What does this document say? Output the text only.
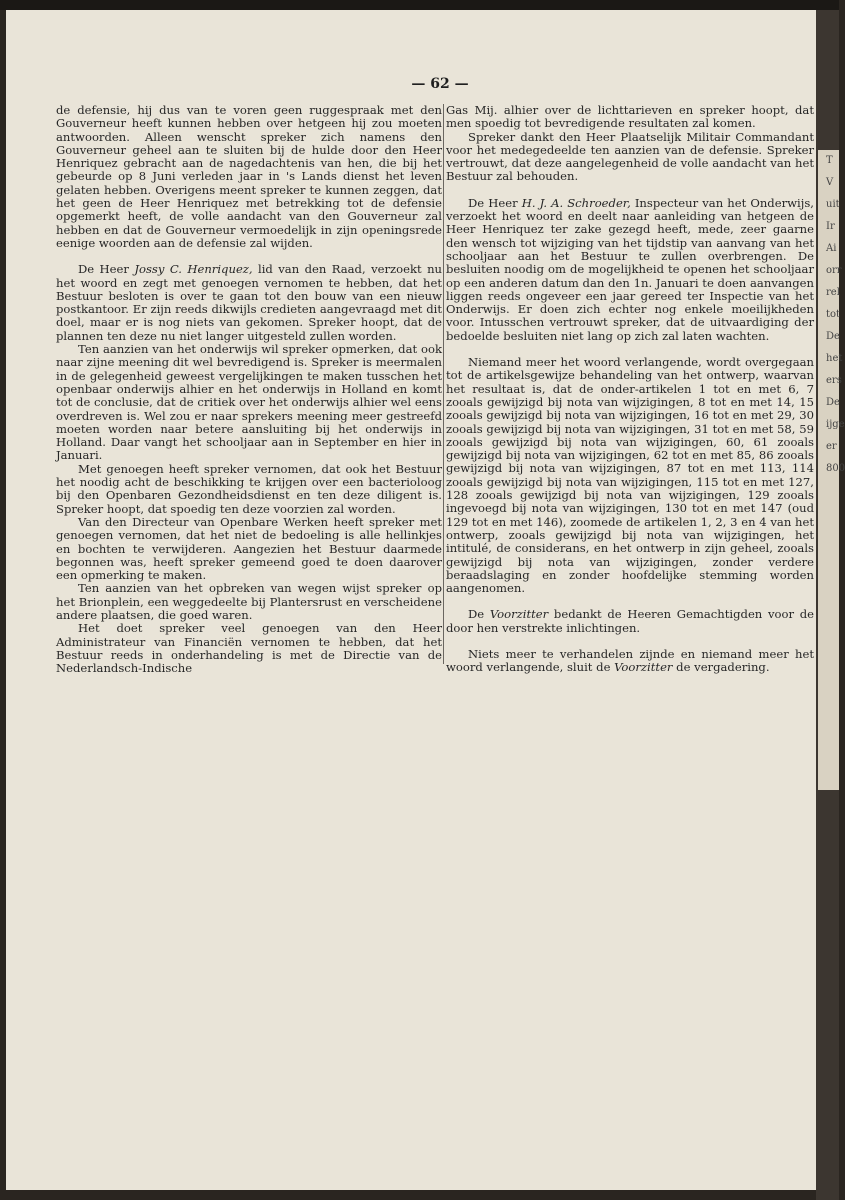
T
V
uit
Ir
Ai
orr
rel
tot
De
het
ers
De
ijge
er
800
— 62 —

de defensie, hij dus van te voren geen ruggespraak met den Gouverneur heeft kunnen hebben over hetgeen hij zou moeten antwoorden. Alleen wenscht spreker zich namens den Gouverneur geheel aan te sluiten bij de hulde door den Heer Henriquez gebracht aan de nagedachtenis van hen, die bij het gebeurde op 8 Juni verleden jaar in 's Lands dienst het leven gelaten hebben. Overigens meent spreker te kunnen zeggen, dat het geen de Heer Henriquez met betrekking tot de defensie opgemerkt heeft, de volle aandacht van den Gouverneur zal hebben en dat de Gouverneur vermoedelijk in zijn openingsrede eenige woorden aan de defensie zal wijden.

De Heer Jossy C. Henriquez, lid van den Raad, verzoekt nu het woord en zegt met genoegen vernomen te hebben, dat het Bestuur besloten is over te gaan tot den bouw van een nieuw postkantoor. Er zijn reeds dikwijls credieten aangevraagd met dit doel, maar er is nog niets van gekomen. Spreker hoopt, dat de plannen ten deze nu niet langer uitgesteld zullen worden.

Ten aanzien van het onderwijs wil spreker opmerken, dat ook naar zijne meening dit wel bevredigend is. Spreker is meermalen in de gelegenheid geweest vergelijkingen te maken tusschen het openbaar onderwijs alhier en het onderwijs in Holland en komt tot de conclusie, dat de critiek over het onderwijs alhier wel eens overdreven is. Wel zou er naar sprekers meening meer gestreefd moeten worden naar betere aansluiting bij het onderwijs in Holland. Daar vangt het schooljaar aan in September en hier in Januari.

Met genoegen heeft spreker vernomen, dat ook het Bestuur het noodig acht de beschikking te krijgen over een bacterioloog bij den Openbaren Gezondheidsdienst en ten deze diligent is. Spreker hoopt, dat spoedig ten deze voorzien zal worden.

Van den Directeur van Openbare Werken heeft spreker met genoegen vernomen, dat het niet de bedoeling is alle hellinkjes en bochten te verwijderen. Aangezien het Bestuur daarmede begonnen was, heeft spreker gemeend goed te doen daarover een opmerking te maken.

Ten aanzien van het opbreken van wegen wijst spreker op het Brionplein, een weggedeelte bij Plantersrust en verscheidene andere plaatsen, die goed waren.

Het doet spreker veel genoegen van den Heer Administrateur van Financiën vernomen te hebben, dat het Bestuur reeds in onderhandeling is met de Directie van de Nederlandsch-Indische

Gas Mij. alhier over de lichttarieven en spreker hoopt, dat men spoedig tot bevredigende resultaten zal komen.

Spreker dankt den Heer Plaatselijk Militair Commandant voor het medegedeelde ten aanzien van de defensie. Spreker vertrouwt, dat deze aangelegenheid de volle aandacht van het Bestuur zal behouden.

De Heer H. J. A. Schroeder, Inspecteur van het Onderwijs, verzoekt het woord en deelt naar aanleiding van hetgeen de Heer Henriquez ter zake gezegd heeft, mede, zeer gaarne den wensch tot wijziging van het tijdstip van aanvang van het schooljaar aan het Bestuur te zullen overbrengen. De besluiten noodig om de mogelijkheid te openen het schooljaar op een anderen datum dan den 1n. Januari te doen aanvangen liggen reeds ongeveer een jaar gereed ter Inspectie van het Onderwijs. Er doen zich echter nog enkele moeilijkheden voor. Intusschen vertrouwt spreker, dat de uitvaardiging der bedoelde besluiten niet lang op zich zal laten wachten.

Niemand meer het woord verlangende, wordt overgegaan tot de artikelsgewijze behandeling van het ontwerp, waarvan het resultaat is, dat de onder-artikelen 1 tot en met 6, 7 zooals gewijzigd bij nota van wijzigingen, 8 tot en met 14, 15 zooals gewijzigd bij nota van wijzigingen, 16 tot en met 29, 30 zooals gewijzigd bij nota van wijzigingen, 31 tot en met 58, 59 zooals gewijzigd bij nota van wijzigingen, 60, 61 zooals gewijzigd bij nota van wijzigingen, 62 tot en met 85, 86 zooals gewijzigd bij nota van wijzigingen, 87 tot en met 113, 114 zooals gewijzigd bij nota van wijzigingen, 115 tot en met 127, 128 zooals gewijzigd bij nota van wijzigingen, 129 zooals ingevoegd bij nota van wijzigingen, 130 tot en met 147 (oud 129 tot en met 146), zoomede de artikelen 1, 2, 3 en 4 van het ontwerp, zooals gewijzigd bij nota van wijzigingen, het intitulé, de considerans, en het ontwerp in zijn geheel, zooals gewijzigd bij nota van wijzigingen, zonder verdere beraadslaging en zonder hoofdelijke stemming worden aangenomen.

De Voorzitter bedankt de Heeren Gemachtigden voor de door hen verstrekte inlichtingen.

Niets meer te verhandelen zijnde en niemand meer het woord verlangende, sluit de Voorzitter de vergadering.
